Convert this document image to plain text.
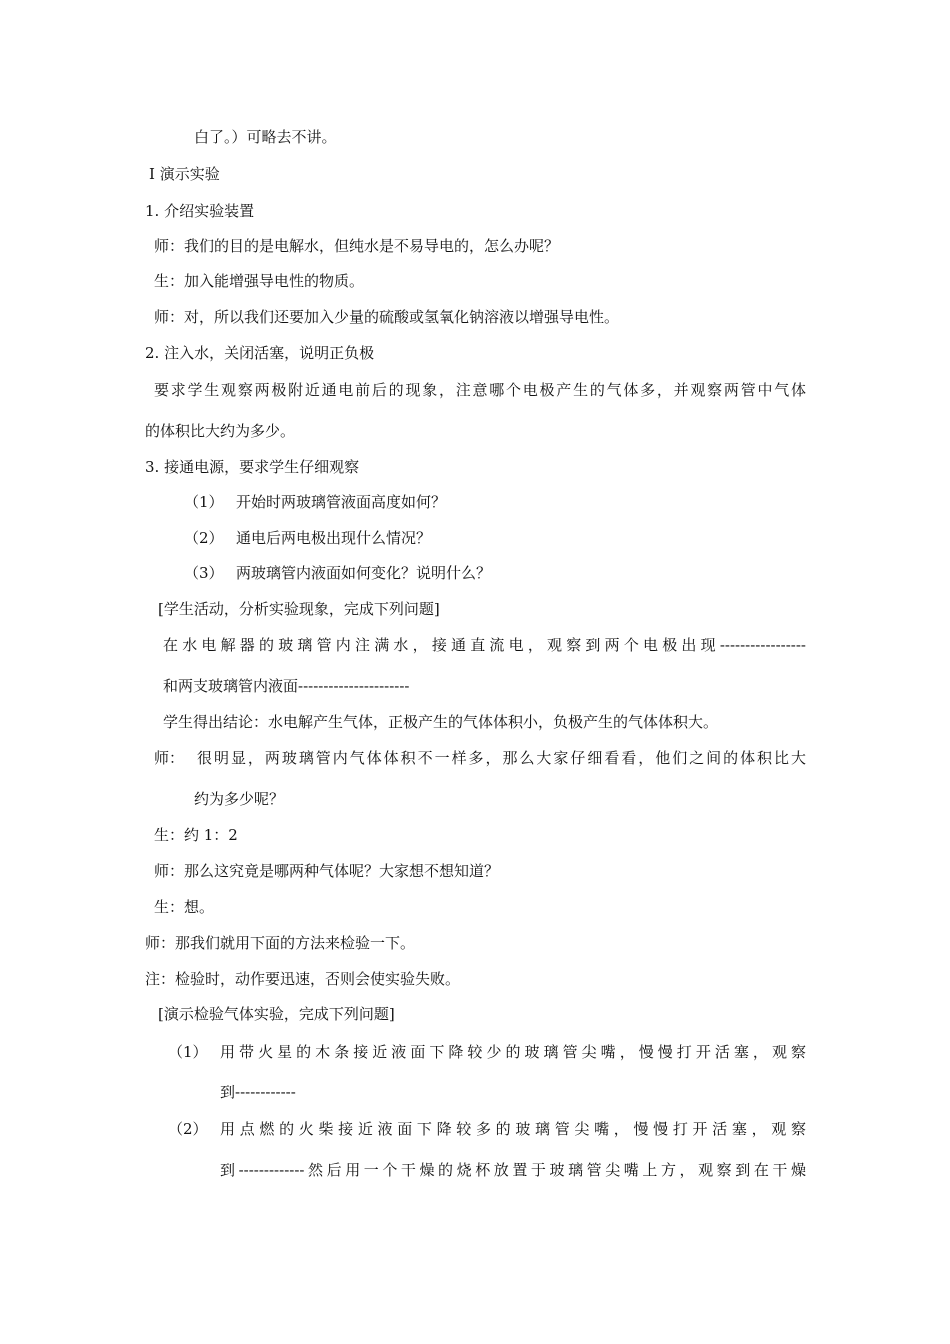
白了。）可略去不讲。
Ⅰ 演示实验
1. 介绍实验装置
师：我们的目的是电解水，但纯水是不易导电的，怎么办呢？
生：加入能增强导电性的物质。
师：对，所以我们还要加入少量的硫酸或氢氧化钠溶液以增强导电性。
2. 注入水，关闭活塞，说明正负极
要求学生观察两极附近通电前后的现象，注意哪个电极产生的气体多，并观察两管中气体
的体积比大约为多少。
3. 接通电源，要求学生仔细观察
（1） 开始时两玻璃管液面高度如何？
（2） 通电后两电极出现什么情况？
（3） 两玻璃管内液面如何变化？说明什么？
[学生活动，分析实验现象，完成下列问题]
在水电解器的玻璃管内注满水，接通直流电，观察到两个电极出现-----------------
和两支玻璃管内液面----------------------
学生得出结论：水电解产生气体，正极产生的气体体积小，负极产生的气体体积大。
师： 很明显，两玻璃管内气体体积不一样多，那么大家仔细看看，他们之间的体积比大
约为多少呢？
生：约 1：2
师：那么这究竟是哪两种气体呢？大家想不想知道？
生：想。
师：那我们就用下面的方法来检验一下。
注：检验时，动作要迅速，否则会使实验失败。
[演示检验气体实验，完成下列问题]
（1） 用带火星的木条接近液面下降较少的玻璃管尖嘴，慢慢打开活塞，观察
到------------
（2） 用点燃的火柴接近液面下降较多的玻璃管尖嘴，慢慢打开活塞，观察
到-------------然后用一个干燥的烧杯放置于玻璃管尖嘴上方，观察到在干燥
